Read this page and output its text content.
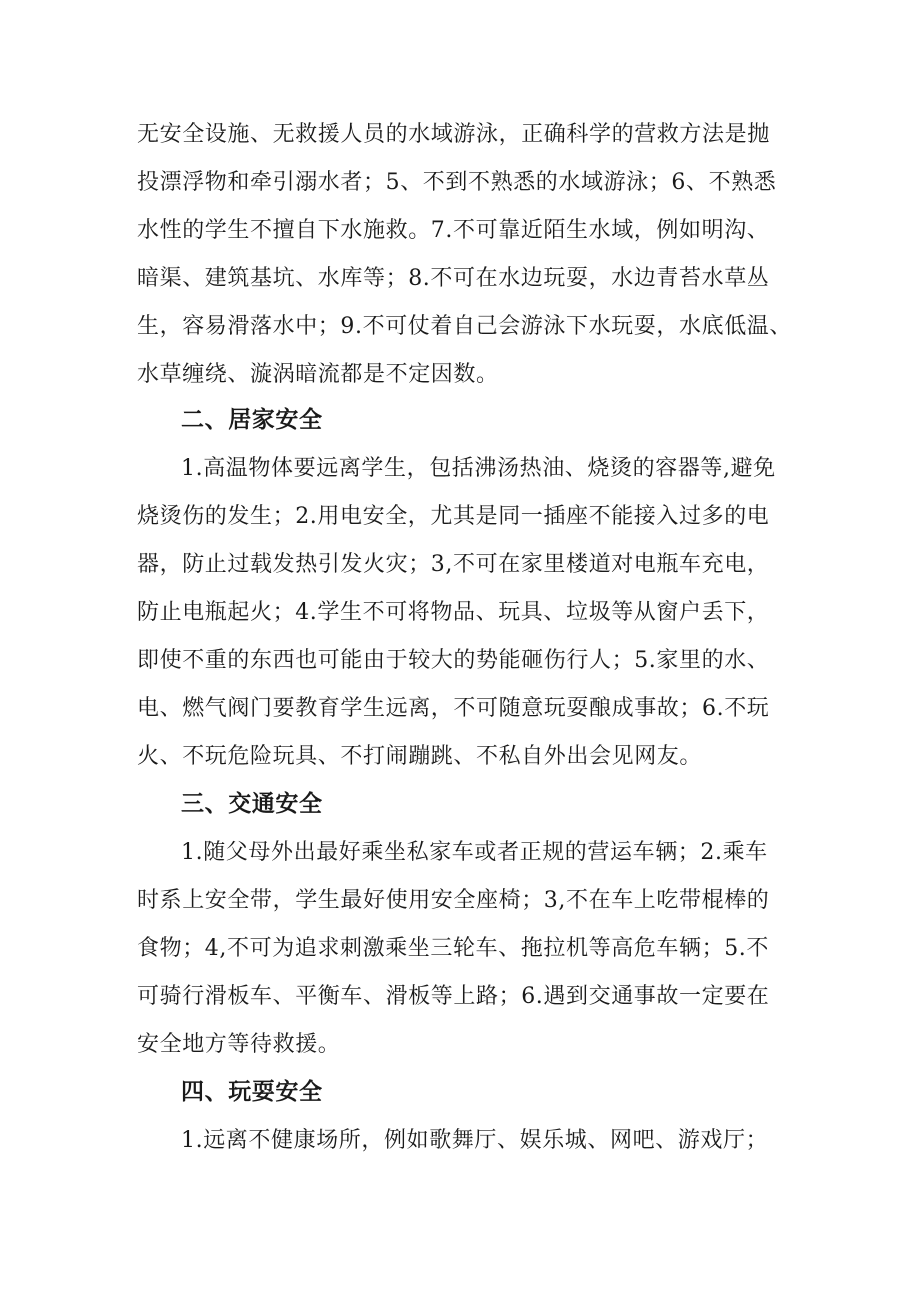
无安全设施、无救援人员的水域游泳，正确科学的营救方法是抛
投漂浮物和牵引溺水者；5、不到不熟悉的水域游泳；6、不熟悉
水性的学生不擅自下水施救。7.不可靠近陌生水域，例如明沟、
暗渠、建筑基坑、水库等；8.不可在水边玩耍，水边青苔水草丛
生，容易滑落水中；9.不可仗着自己会游泳下水玩耍，水底低温、
水草缠绕、漩涡暗流都是不定因数。
二、居家安全
1.高温物体要远离学生，包括沸汤热油、烧烫的容器等,避免
烧烫伤的发生；2.用电安全，尤其是同一插座不能接入过多的电
器，防止过载发热引发火灾；3,不可在家里楼道对电瓶车充电，
防止电瓶起火；4.学生不可将物品、玩具、垃圾等从窗户丢下，
即使不重的东西也可能由于较大的势能砸伤行人；5.家里的水、
电、燃气阀门要教育学生远离，不可随意玩耍酿成事故；6.不玩
火、不玩危险玩具、不打闹蹦跳、不私自外出会见网友。
三、交通安全
1.随父母外出最好乘坐私家车或者正规的营运车辆；2.乘车
时系上安全带，学生最好使用安全座椅；3,不在车上吃带棍棒的
食物；4,不可为追求刺激乘坐三轮车、拖拉机等高危车辆；5.不
可骑行滑板车、平衡车、滑板等上路；6.遇到交通事故一定要在
安全地方等待救援。
四、玩耍安全
1.远离不健康场所，例如歌舞厅、娱乐城、网吧、游戏厅；
